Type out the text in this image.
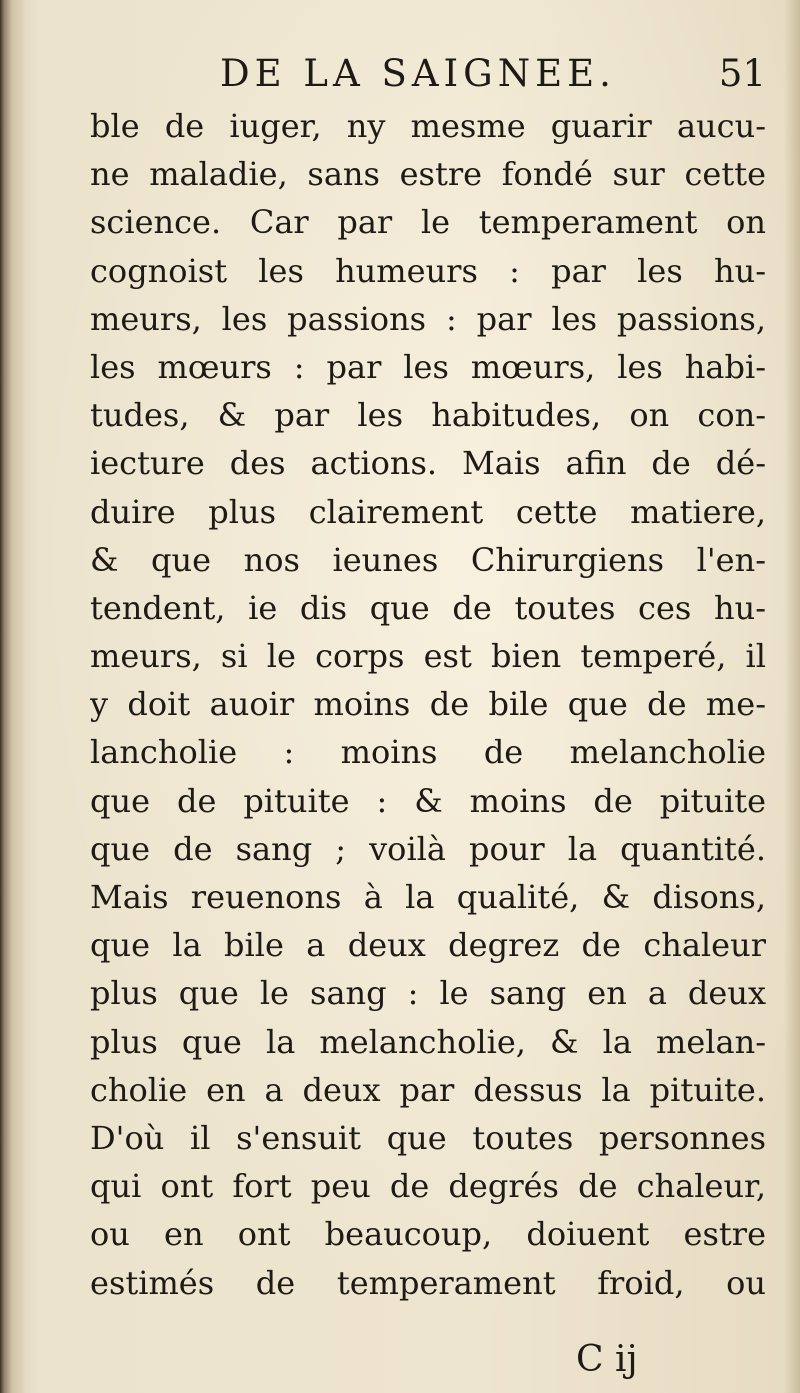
DE LA SAIGNEE.	51
ble de iuger, ny mesme guarir aucu-
ne maladie, sans estre fondé sur cette
science. Car par le temperament on
cognoist les humeurs : par les hu-
meurs, les passions : par les passions,
les mœurs : par les mœurs, les habi-
tudes, & par les habitudes, on con-
iecture des actions. Mais afin de dé-
duire plus clairement cette matiere,
& que nos ieunes Chirurgiens l'en-
tendent, ie dis que de toutes ces hu-
meurs, si le corps est bien temperé, il
y doit auoir moins de bile que de me-
lancholie : moins de melancholie
que de pituite : & moins de pituite
que de sang ; voilà pour la quantité.
Mais reuenons à la qualité, & disons,
que la bile a deux degrez de chaleur
plus que le sang : le sang en a deux
plus que la melancholie, & la melan-
cholie en a deux par dessus la pituite.
D'où il s'ensuit que toutes personnes
qui ont fort peu de degrés de chaleur,
ou en ont beaucoup, doiuent estre
estimés de temperament froid, ou
C ij
